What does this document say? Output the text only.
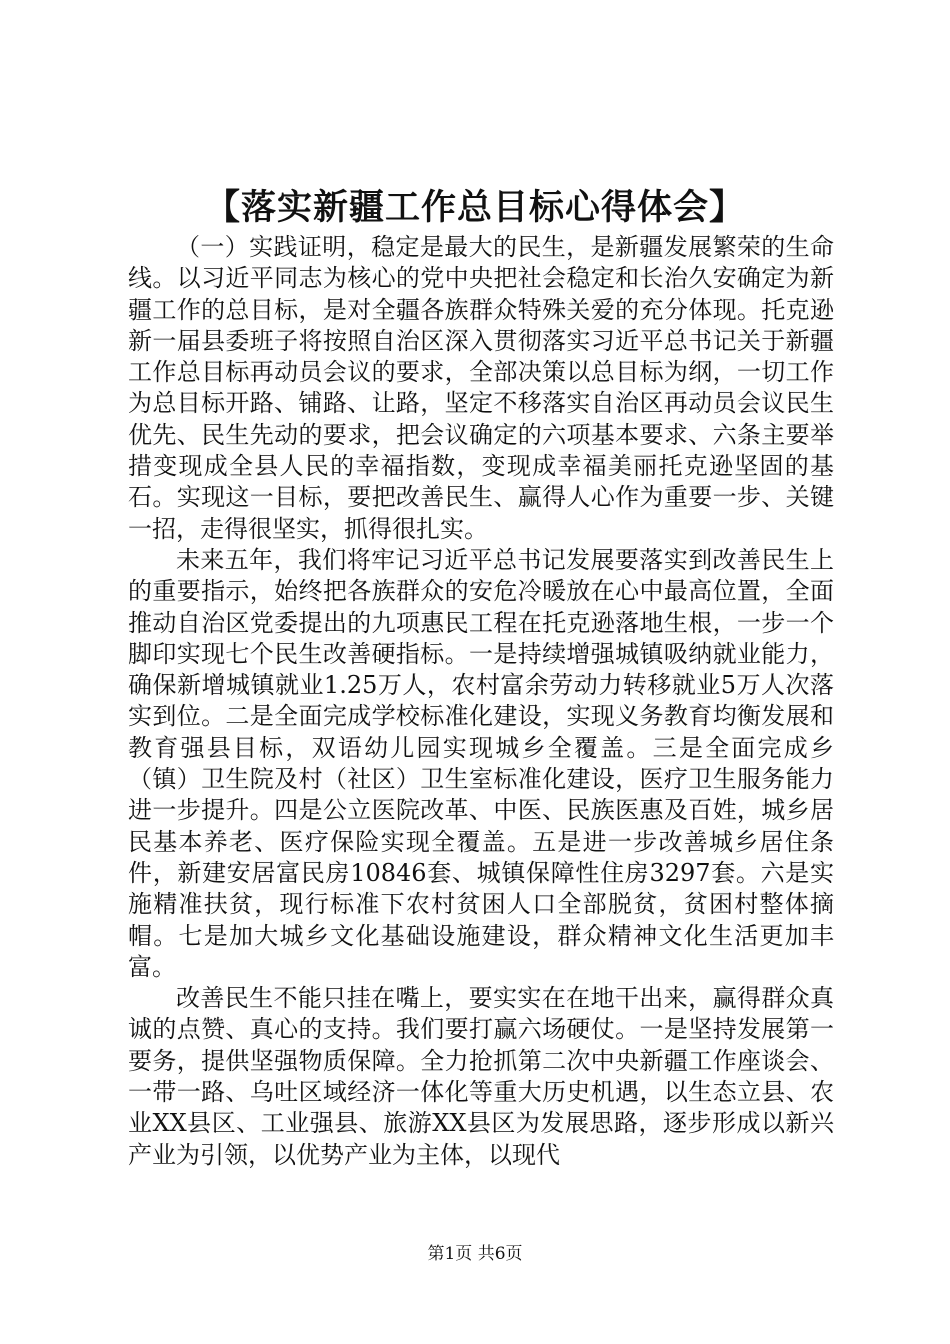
【落实新疆工作总目标心得体会】

（一）实践证明，稳定是最大的民生，是新疆发展繁荣的生命线。以习近平同志为核心的党中央把社会稳定和长治久安确定为新疆工作的总目标，是对全疆各族群众特殊关爱的充分体现。托克逊新一届县委班子将按照自治区深入贯彻落实习近平总书记关于新疆工作总目标再动员会议的要求，全部决策以总目标为纲，一切工作为总目标开路、铺路、让路，坚定不移落实自治区再动员会议民生优先、民生先动的要求，把会议确定的六项基本要求、六条主要举措变现成全县人民的幸福指数，变现成幸福美丽托克逊坚固的基石。实现这一目标，要把改善民生、赢得人心作为重要一步、关键一招，走得很坚实，抓得很扎实。

未来五年，我们将牢记习近平总书记发展要落实到改善民生上的重要指示，始终把各族群众的安危冷暖放在心中最高位置，全面推动自治区党委提出的九项惠民工程在托克逊落地生根，一步一个脚印实现七个民生改善硬指标。一是持续增强城镇吸纳就业能力，确保新增城镇就业1.25万人，农村富余劳动力转移就业5万人次落实到位。二是全面完成学校标准化建设，实现义务教育均衡发展和教育强县目标，双语幼儿园实现城乡全覆盖。三是全面完成乡（镇）卫生院及村（社区）卫生室标准化建设，医疗卫生服务能力进一步提升。四是公立医院改革、中医、民族医惠及百姓，城乡居民基本养老、医疗保险实现全覆盖。五是进一步改善城乡居住条件，新建安居富民房10846套、城镇保障性住房3297套。六是实施精准扶贫，现行标准下农村贫困人口全部脱贫，贫困村整体摘帽。七是加大城乡文化基础设施建设，群众精神文化生活更加丰富。

改善民生不能只挂在嘴上，要实实在在地干出来，赢得群众真诚的点赞、真心的支持。我们要打赢六场硬仗。一是坚持发展第一要务，提供坚强物质保障。全力抢抓第二次中央新疆工作座谈会、一带一路、乌吐区域经济一体化等重大历史机遇，以生态立县、农业XX县区、工业强县、旅游XX县区为发展思路，逐步形成以新兴产业为引领，以优势产业为主体，以现代

第1页 共6页
